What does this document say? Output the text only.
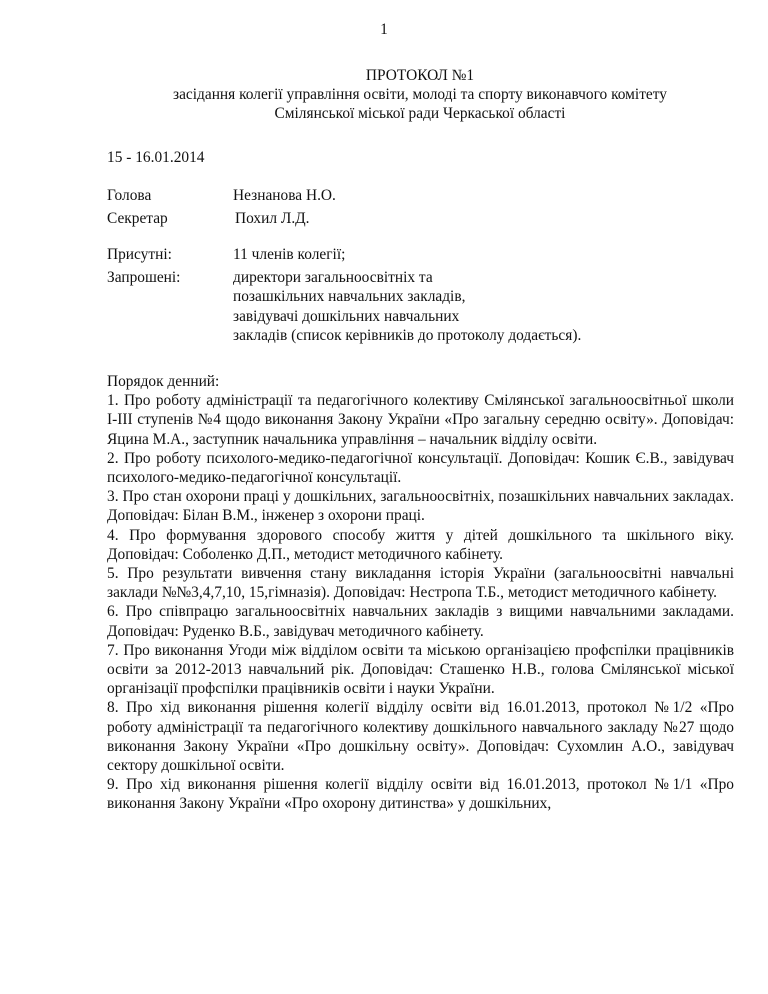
1
ПРОТОКОЛ №1
засідання колегії управління освіти, молоді та спорту виконавчого комітету
Смілянської міської ради Черкаської області
15 - 16.01.2014
Голова	Незнанова Н.О.
Секретар	Похил Л.Д.
Присутні:	11 членів колегії;
Запрошені:	директори загальноосвітніх та
позашкільних навчальних закладів,
завідувачі дошкільних навчальних
закладів (список керівників до протоколу додається).

Порядок денний:

1. Про роботу адміністрації та педагогічного колективу Смілянської загальноосвітньої школи І-ІІІ ступенів №4 щодо виконання Закону України «Про загальну середню освіту». Доповідач: Яцина М.А., заступник начальника управління – начальник відділу освіти.

2. Про роботу психолого-медико-педагогічної консультації. Доповідач: Кошик Є.В., завідувач психолого-медико-педагогічної консультації.

3. Про стан охорони праці у дошкільних, загальноосвітніх, позашкільних навчальних закладах. Доповідач: Білан В.М., інженер з охорони праці.

4. Про формування здорового способу життя у дітей дошкільного та шкільного віку. Доповідач: Соболенко Д.П., методист методичного кабінету.

5. Про результати вивчення стану викладання історія України (загальноосвітні навчальні заклади №№3,4,7,10, 15,гімназія). Доповідач: Нестропа Т.Б., методист методичного кабінету.

6. Про співпрацю загальноосвітніх навчальних закладів з вищими навчальними закладами. Доповідач: Руденко В.Б., завідувач методичного кабінету.

7. Про виконання Угоди між відділом освіти та міською організацією профспілки працівників освіти за 2012-2013 навчальний рік. Доповідач: Сташенко Н.В., голова Смілянської міської організації профспілки працівників освіти і науки України.

8. Про хід виконання рішення колегії відділу освіти від 16.01.2013, протокол №1/2 «Про роботу адміністрації та педагогічного колективу дошкільного навчального закладу №27 щодо виконання Закону України «Про дошкільну освіту». Доповідач: Сухомлин А.О., завідувач сектору дошкільної освіти.

9. Про хід виконання рішення колегії відділу освіти від 16.01.2013, протокол №1/1 «Про виконання Закону України «Про охорону дитинства» у дошкільних,
